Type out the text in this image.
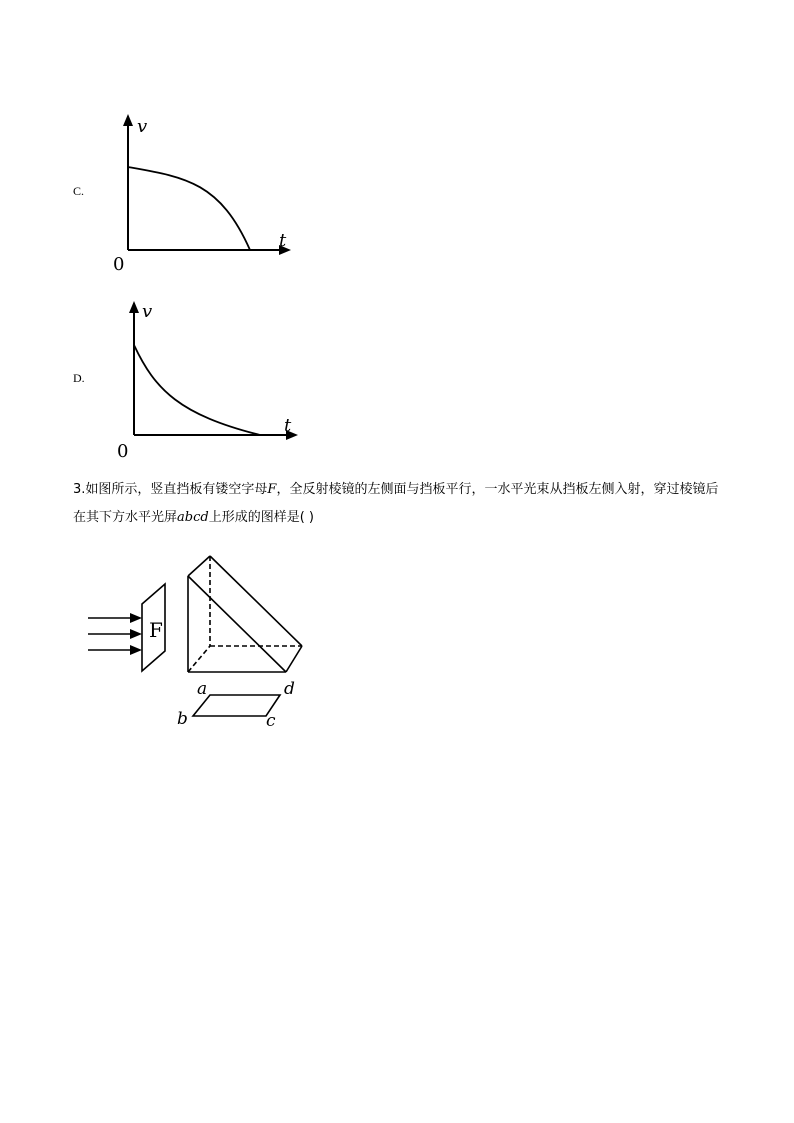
C.
v
t
0
D.
v
t
0
3.如图所示，竖直挡板有镂空字母F，全反射棱镜的左侧面与挡板平行，一水平光束从挡板左侧入射，穿过棱镜后在其下方水平光屏abcd上形成的图样是( )
F
a	d
b	c
